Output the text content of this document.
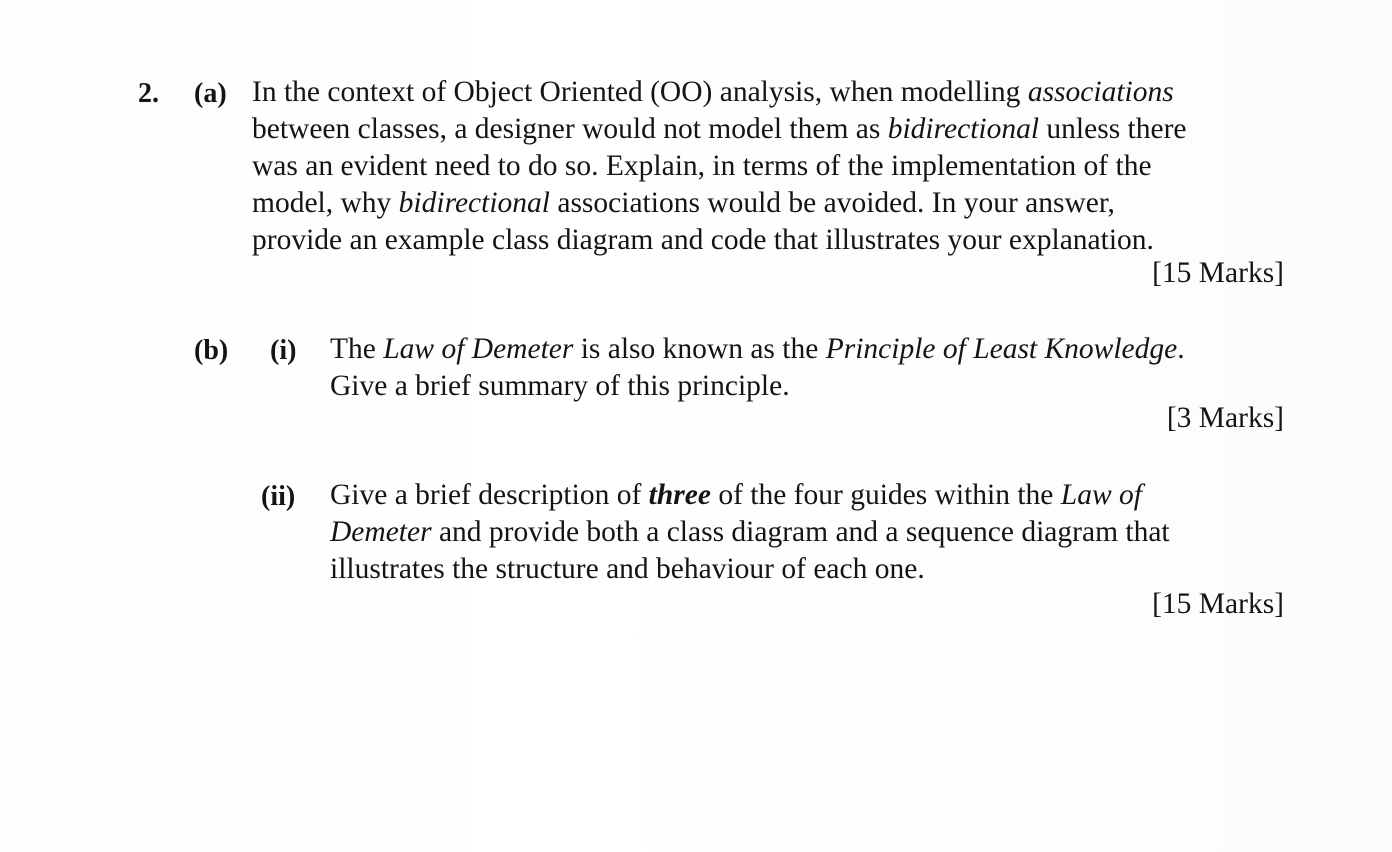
2. (a) In the context of Object Oriented (OO) analysis, when modelling associations
between classes, a designer would not model them as bidirectional unless there
was an evident need to do so. Explain, in terms of the implementation of the
model, why bidirectional associations would be avoided. In your answer,
provide an example class diagram and code that illustrates your explanation.
[15 Marks]
(b) (i) The Law of Demeter is also known as the Principle of Least Knowledge.
Give a brief summary of this principle.
[3 Marks]
(ii) Give a brief description of three of the four guides within the Law of
Demeter and provide both a class diagram and a sequence diagram that
illustrates the structure and behaviour of each one.
[15 Marks]
